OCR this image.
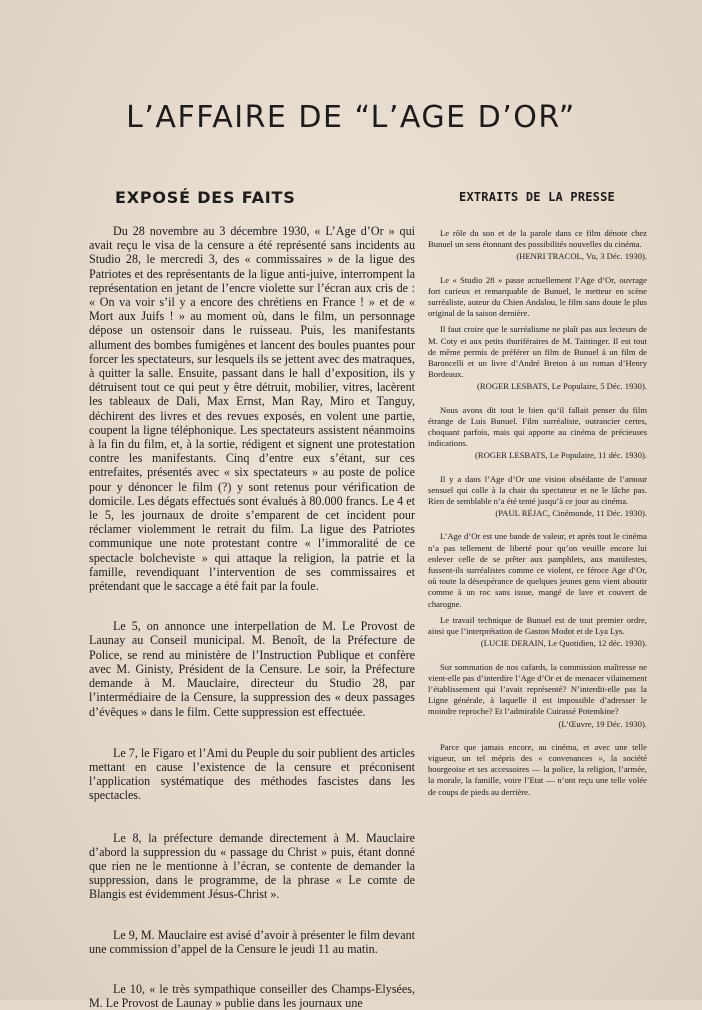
L’AFFAIRE DE “L’AGE D’OR”
EXPOSÉ DES FAITS	EXTRAITS DE LA PRESSE

Du 28 novembre au 3 décembre 1930, « L’Age d’Or » qui avait reçu le visa de la censure a été représenté sans incidents au Studio 28, le mercredi 3, des « commissaires » de la ligue des Patriotes et des représentants de la ligue anti-juive, interrompent la représentation en jetant de l’encre violette sur l’écran aux cris de : « On va voir s’il y a encore des chrétiens en France ! » et de « Mort aux Juifs ! » au moment où, dans le film, un personnage dépose un ostensoir dans le ruisseau. Puis, les manifestants allument des bombes fumigènes et lancent des boules puantes pour forcer les spectateurs, sur lesquels ils se jettent avec des matraques, à quitter la salle. Ensuite, passant dans le hall d’exposition, ils y détruisent tout ce qui peut y être détruit, mobilier, vitres, lacèrent les tableaux de Dali, Max Ernst, Man Ray, Miro et Tanguy, déchirent des livres et des revues exposés, en volent une partie, coupent la ligne téléphonique. Les spectateurs assistent néanmoins à la fin du film, et, à la sortie, rédigent et signent une protestation contre les manifestants. Cinq d’entre eux s’étant, sur ces entrefaites, présentés avec « six spectateurs » au poste de police pour y dénoncer le film (?) y sont retenus pour vérification de domicile. Les dégats effectués sont évalués à 80.000 francs. Le 4 et le 5, les journaux de droite s’emparent de cet incident pour réclamer violemment le retrait du film. La ligue des Patriotes communique une note protestant contre « l’immoralité de ce spectacle bolcheviste » qui attaque la religion, la patrie et la famille, revendiquant l’intervention de ses commissaires et prétendant que le saccage a été fait par la foule.

Le 5, on annonce une interpellation de M. Le Provost de Launay au Conseil municipal. M. Benoît, de la Préfecture de Police, se rend au ministère de l’Instruction Publique et confère avec M. Ginisty, Président de la Censure. Le soir, la Préfecture demande à M. Mauclaire, directeur du Studio 28, par l’intermédiaire de la Censure, la suppression des « deux passages d’évêques » dans le film. Cette suppression est effectuée.

Le 7, le Figaro et l’Ami du Peuple du soir publient des articles mettant en cause l’existence de la censure et préconisent l’application systématique des méthodes fascistes dans les spectacles.

Le 8, la préfecture demande directement à M. Mauclaire d’abord la suppression du « passage du Christ » puis, étant donné que rien ne le mentionne à l’écran, se contente de demander la suppression, dans le programme, de la phrase « Le comte de Blangis est évidemment Jésus-Christ ».

Le 9, M. Mauclaire est avisé d’avoir à présenter le film devant une commission d’appel de la Censure le jeudi 11 au matin.

Le 10, « le très sympathique conseiller des Champs-Elysées, M. Le Provost de Launay » publie dans les journaux une

Le rôle du son et de la parole dans ce film dénote chez Bunuel un sens étonnant des possibilités nouvelles du cinéma.

(HENRI TRACOL, Vu, 3 Déc. 1930).

Le « Studio 28 » passe actuellement l’Age d’Or, ouvrage fort curieux et remarquable de Bunuel, le metteur en scène surréaliste, auteur du Chien Andalou, le film sans doute le plus original de la saison dernière.

Il faut croire que le surréalisme ne plaît pas aux lecteurs de M. Coty et aux petits thuriféraires de M. Taittinger. Il est tout de même permis de préférer un film de Bunuel à un film de Baroncelli et un livre d’André Breton à un roman d’Henry Bordeaux.

(ROGER LESBATS, Le Populaire, 5 Déc. 1930).

Nous avons dit tout le bien qu’il fallait penser du film étrange de Luis Bunuel. Film surréaliste, outrancier certes, choquant parfois, mais qui apporte au cinéma de précieuses indications.

(ROGER LESBATS, Le Populaire, 11 déc. 1930).

Il y a dans l’Age d’Or une vision obsédante de l’amour sensuel qui colle à la chair du spectateur et ne le lâche pas. Rien de semblable n’a été tenté jusqu’à ce jour au cinéma.

(PAUL RÉJAC, Cinémonde, 11 Déc. 1930).

L’Age d’Or est une bande de valeur, et après tout le cinéma n’a pas tellement de liberté pour qu’on veuille encore lui enlever celle de se prêter aux pamphlets, aux manifestes, fussent-ils surréalistes comme ce violent, ce féroce Age d’Or, où toute la désespérance de quelques jeunes gens vient aboutir comme à un roc sans issue, mangé de lave et couvert de charogne.

Le travail technique de Bunuel est de tout premier ordre, ainsi que l’interprétation de Gaston Modot et de Lya Lys.

(LUCIE DERAIN, Le Quotidien, 12 déc. 1930).

Sur sommation de nos cafards, la commission maîtresse ne vient-elle pas d’interdire l’Age d’Or et de menacer vilainement l’établissement qui l’avait représenté? N’interdit-elle pas la Ligne générale, à laquelle il est impossible d’adresser le moindre reproche? Et l’admirable Cuirassé Potemkine?

(L’Œuvre, 19 Déc. 1930).

Parce que jamais encore, au cinéma, et avec une telle vigueur, un tel mépris des « convenances », la société bourgeoise et ses accessoires — la police, la religion, l’armée, la morale, la famille, voire l’Etat — n’ont reçu une telle volée de coups de pieds au derrière.
